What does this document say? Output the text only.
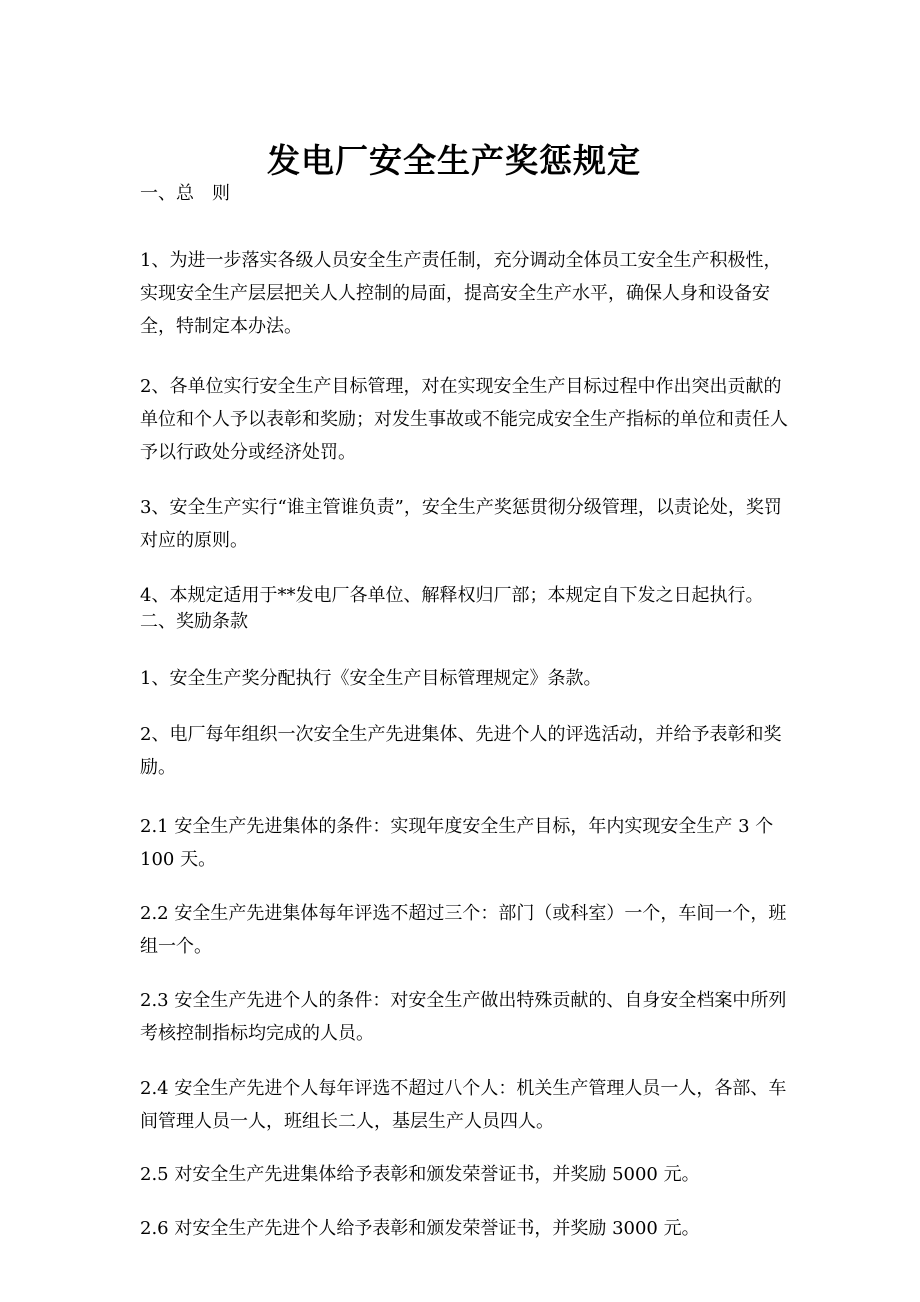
发电厂安全生产奖惩规定

一、总　则

1、为进一步落实各级人员安全生产责任制，充分调动全体员工安全生产积极性，实现安全生产层层把关人人控制的局面，提高安全生产水平，确保人身和设备安全，特制定本办法。

2、各单位实行安全生产目标管理，对在实现安全生产目标过程中作出突出贡献的单位和个人予以表彰和奖励；对发生事故或不能完成安全生产指标的单位和责任人予以行政处分或经济处罚。

3、安全生产实行“谁主管谁负责”，安全生产奖惩贯彻分级管理，以责论处，奖罚对应的原则。

4、本规定适用于**发电厂各单位、解释权归厂部；本规定自下发之日起执行。

二、奖励条款

1、安全生产奖分配执行《安全生产目标管理规定》条款。

2、电厂每年组织一次安全生产先进集体、先进个人的评选活动，并给予表彰和奖励。

2.1 安全生产先进集体的条件：实现年度安全生产目标，年内实现安全生产 3 个 100 天。

2.2 安全生产先进集体每年评选不超过三个：部门（或科室）一个，车间一个，班组一个。

2.3 安全生产先进个人的条件：对安全生产做出特殊贡献的、自身安全档案中所列考核控制指标均完成的人员。

2.4 安全生产先进个人每年评选不超过八个人：机关生产管理人员一人，各部、车间管理人员一人，班组长二人，基层生产人员四人。

2.5 对安全生产先进集体给予表彰和颁发荣誉证书，并奖励 5000 元。

2.6 对安全生产先进个人给予表彰和颁发荣誉证书，并奖励 3000 元。
